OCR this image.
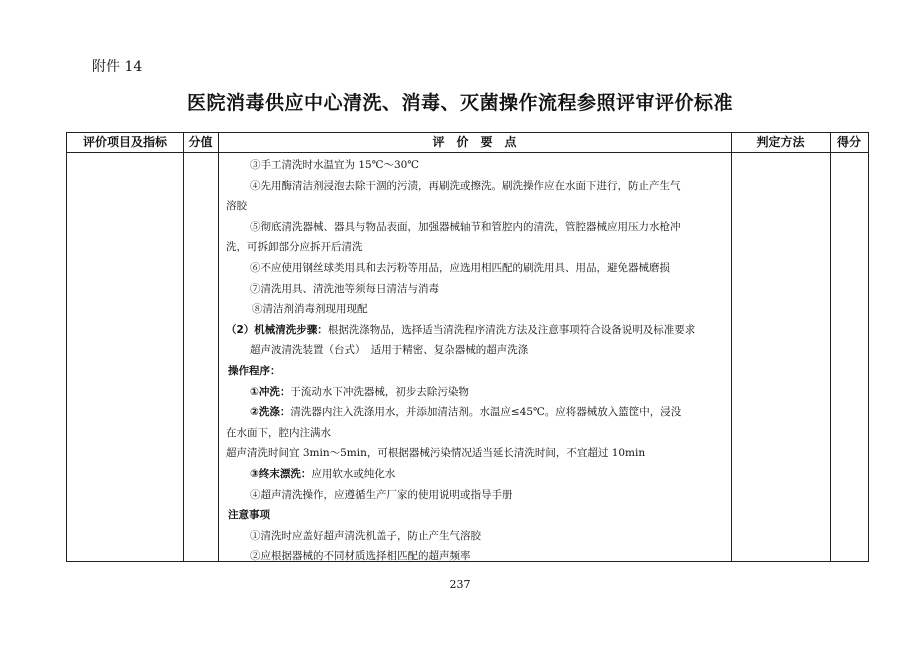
附件 14
医院消毒供应中心清洗、消毒、灭菌操作流程参照评审评价标准
评价项目及指标	分值	评　价　要　点	判定方法	得分
③手工清洗时水温宜为 15℃～30℃
④先用酶清洁剂浸泡去除干涸的污渍，再刷洗或擦洗。刷洗操作应在水面下进行，防止产生气
溶胶
⑤彻底清洗器械、器具与物品表面，加强器械轴节和管腔内的清洗，管腔器械应用压力水枪冲
洗，可拆卸部分应拆开后清洗
⑥不应使用钢丝球类用具和去污粉等用品，应选用相匹配的刷洗用具、用品，避免器械磨损
⑦清洗用具、清洗池等须每日清洁与消毒
⑧清洁剂消毒剂现用现配
（2）机械清洗步骤：根据洗涤物品，选择适当清洗程序清洗方法及注意事项符合设备说明及标准要求
超声波清洗装置（台式）　适用于精密、复杂器械的超声洗涤
操作程序：
①冲洗：于流动水下冲洗器械，初步去除污染物
②洗涤：清洗器内注入洗涤用水，并添加清洁剂。水温应≤45℃。应将器械放入篮筐中，浸没
在水面下，腔内注满水
超声清洗时间宜 3min～5min，可根据器械污染情况适当延长清洗时间，不宜超过 10min
③终末漂洗：应用软水或纯化水
④超声清洗操作，应遵循生产厂家的使用说明或指导手册
注意事项
①清洗时应盖好超声清洗机盖子，防止产生气溶胶
②应根据器械的不同材质选择相匹配的超声频率
237
